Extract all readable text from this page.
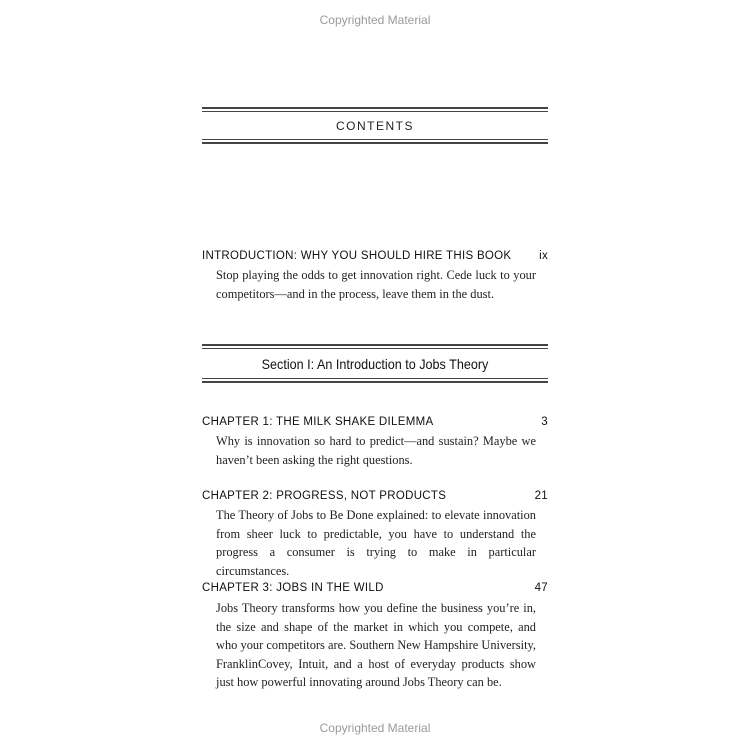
Copyrighted Material
CONTENTS
INTRODUCTION: WHY YOU SHOULD HIRE THIS BOOK ix
Stop playing the odds to get innovation right. Cede luck to your competitors—and in the process, leave them in the dust.
Section I: An Introduction to Jobs Theory
CHAPTER 1: THE MILK SHAKE DILEMMA	3
Why is innovation so hard to predict—and sustain? Maybe we haven’t been asking the right questions.
CHAPTER 2: PROGRESS, NOT PRODUCTS	21
The Theory of Jobs to Be Done explained: to elevate innovation from sheer luck to predictable, you have to understand the progress a consumer is trying to make in particular circumstances.
CHAPTER 3: JOBS IN THE WILD	47
Jobs Theory transforms how you define the business you’re in, the size and shape of the market in which you compete, and who your competitors are. Southern New Hampshire University, FranklinCovey, Intuit, and a host of everyday products show just how powerful innovating around Jobs Theory can be.
Copyrighted Material
